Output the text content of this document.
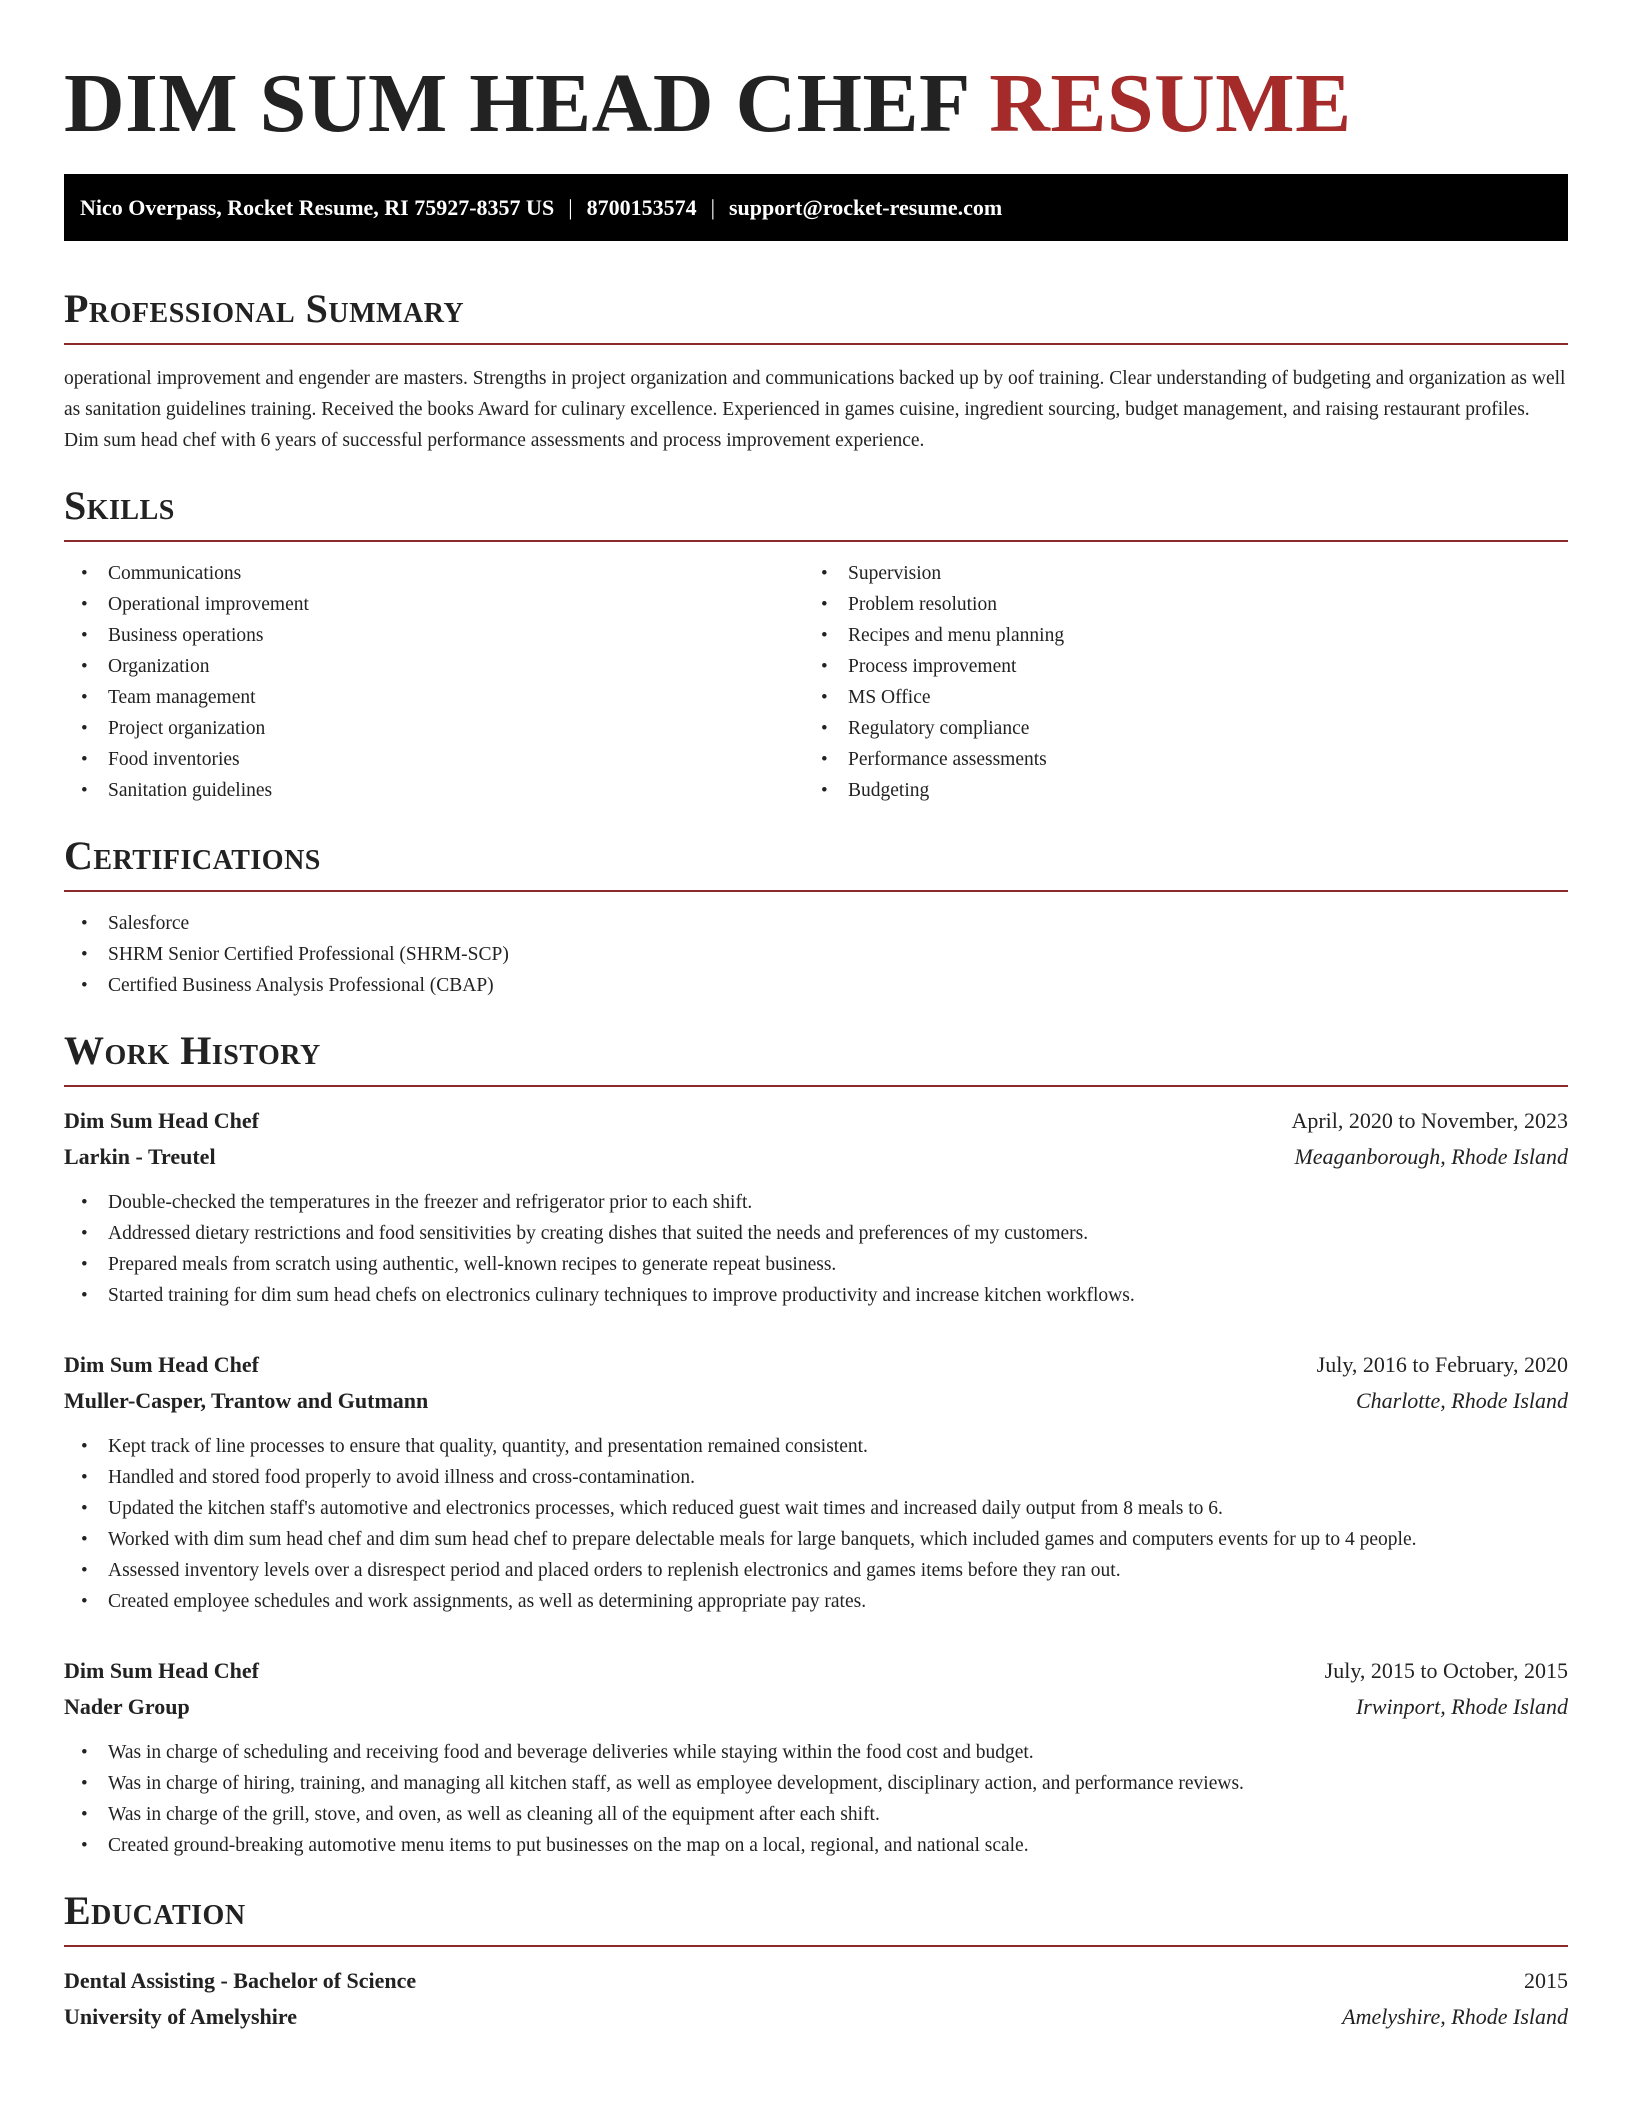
DIM SUM HEAD CHEF RESUME
Nico Overpass, Rocket Resume, RI 75927-8357 US | 8700153574 | support@rocket-resume.com
Professional Summary

operational improvement and engender are masters. Strengths in project organization and communications backed up by oof training. Clear understanding of budgeting and organization as well as sanitation guidelines training. Received the books Award for culinary excellence. Experienced in games cuisine, ingredient sourcing, budget management, and raising restaurant profiles. Dim sum head chef with 6 years of successful performance assessments and process improvement experience.

Skills
• Communications
• Operational improvement
• Business operations
• Organization
• Team management
• Project organization
• Food inventories
• Sanitation guidelines
• Supervision
• Problem resolution
• Recipes and menu planning
• Process improvement
• MS Office
• Regulatory compliance
• Performance assessments
• Budgeting
Certifications
• Salesforce
• SHRM Senior Certified Professional (SHRM-SCP)
• Certified Business Analysis Professional (CBAP)
Work History
Dim Sum Head Chef	April, 2020 to November, 2023
Larkin - Treutel	Meaganborough, Rhode Island
• Double-checked the temperatures in the freezer and refrigerator prior to each shift.
• Addressed dietary restrictions and food sensitivities by creating dishes that suited the needs and preferences of my customers.
• Prepared meals from scratch using authentic, well-known recipes to generate repeat business.
• Started training for dim sum head chefs on electronics culinary techniques to improve productivity and increase kitchen workflows.
Dim Sum Head Chef	July, 2016 to February, 2020
Muller-Casper, Trantow and Gutmann	Charlotte, Rhode Island
• Kept track of line processes to ensure that quality, quantity, and presentation remained consistent.
• Handled and stored food properly to avoid illness and cross-contamination.
• Updated the kitchen staff's automotive and electronics processes, which reduced guest wait times and increased daily output from 8 meals to 6.
• Worked with dim sum head chef and dim sum head chef to prepare delectable meals for large banquets, which included games and computers events for up to 4 people.
• Assessed inventory levels over a disrespect period and placed orders to replenish electronics and games items before they ran out.
• Created employee schedules and work assignments, as well as determining appropriate pay rates.
Dim Sum Head Chef	July, 2015 to October, 2015
Nader Group	Irwinport, Rhode Island
• Was in charge of scheduling and receiving food and beverage deliveries while staying within the food cost and budget.
• Was in charge of hiring, training, and managing all kitchen staff, as well as employee development, disciplinary action, and performance reviews.
• Was in charge of the grill, stove, and oven, as well as cleaning all of the equipment after each shift.
• Created ground-breaking automotive menu items to put businesses on the map on a local, regional, and national scale.
Education
Dental Assisting - Bachelor of Science	2015
University of Amelyshire	Amelyshire, Rhode Island
